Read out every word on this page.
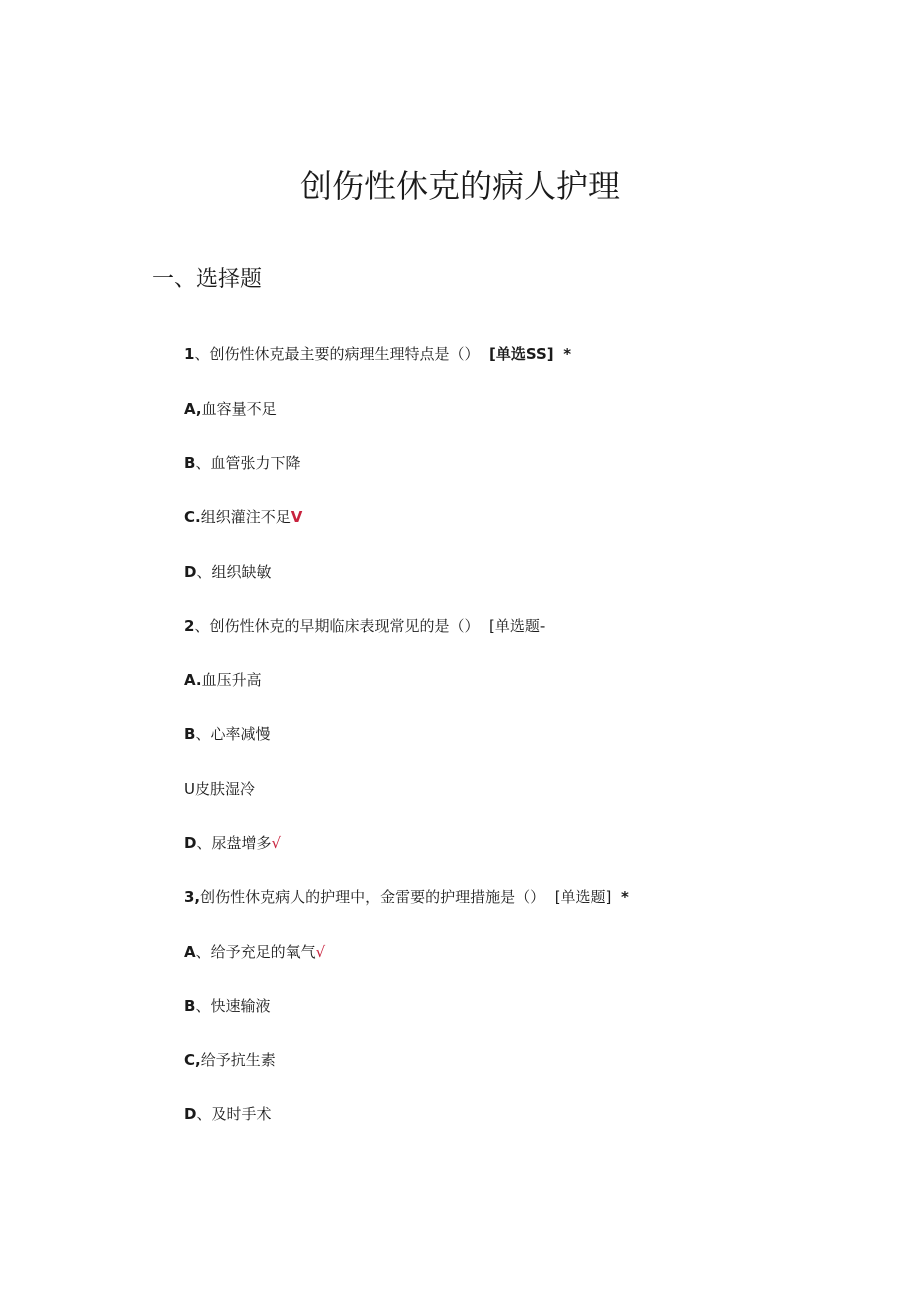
创伤性休克的病人护理
一、选择题
1、创伤性休克最主要的病理生理特点是（） [单选SS] *
A,血容量不足
B、血管张力下降
C.组织灌注不足V
D、组织缺敏
2、创伤性休克的早期临床表现常见的是（） [单选题-
A.血压升高
B、心率减慢
U皮肤湿冷
D、尿盘增多√
3,创伤性休克病人的护理中，金雷要的护理措施是（） [单选题] *
A、给予充足的氧气√
B、快速输液
C,给予抗生素
D、及时手术
